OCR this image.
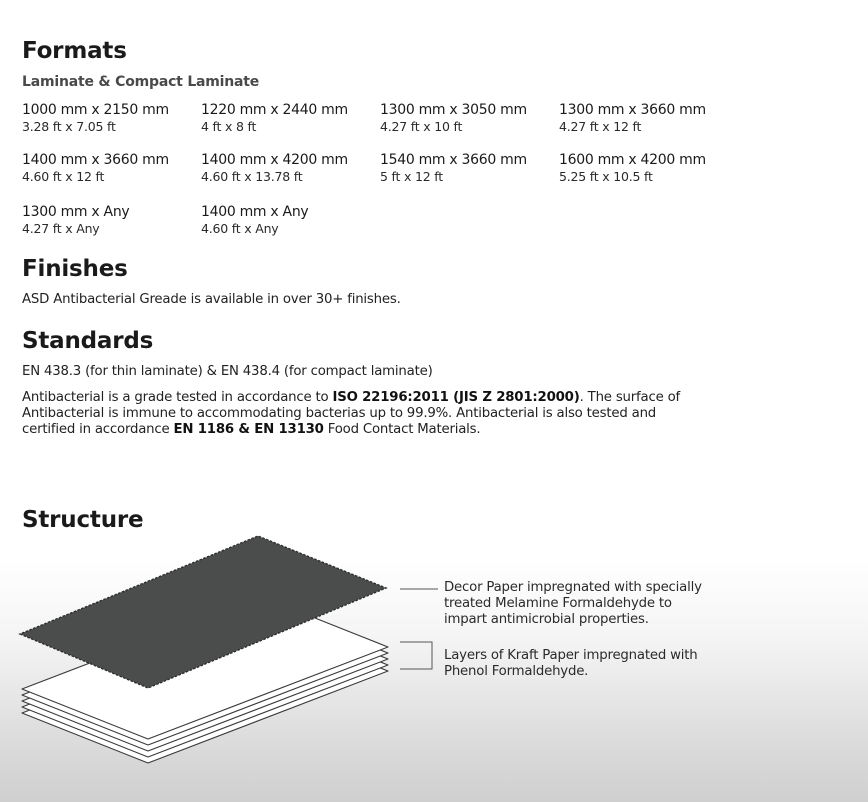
Formats
Laminate & Compact Laminate
1000 mm x 2150 mm
3.28 ft x 7.05 ft
1220 mm x 2440 mm
4 ft x 8 ft
1300 mm x 3050 mm
4.27 ft x 10 ft
1300 mm x 3660 mm
4.27 ft x 12 ft
1400 mm x 3660 mm
4.60 ft x 12 ft
1400 mm x 4200 mm
4.60 ft x 13.78 ft
1540 mm x 3660 mm
5 ft x 12 ft
1600 mm x 4200 mm
5.25 ft x 10.5 ft
1300 mm x Any
4.27 ft x Any
1400 mm x Any
4.60 ft x Any
Finishes

ASD Antibacterial Greade is available in over 30+ finishes.

Standards

EN 438.3 (for thin laminate) & EN 438.4 (for compact laminate)

Antibacterial is a grade tested in accordance to ISO 22196:2011 (JIS Z 2801:2000). The surface of Antibacterial is immune to accommodating bacterias up to 99.9%. Antibacterial is also tested and certified in accordance EN 1186 & EN 13130 Food Contact Materials.

Structure
Decor Paper impregnated with specially
treated Melamine Formaldehyde to
impart antimicrobial properties.
Layers of Kraft Paper impregnated with
Phenol Formaldehyde.
